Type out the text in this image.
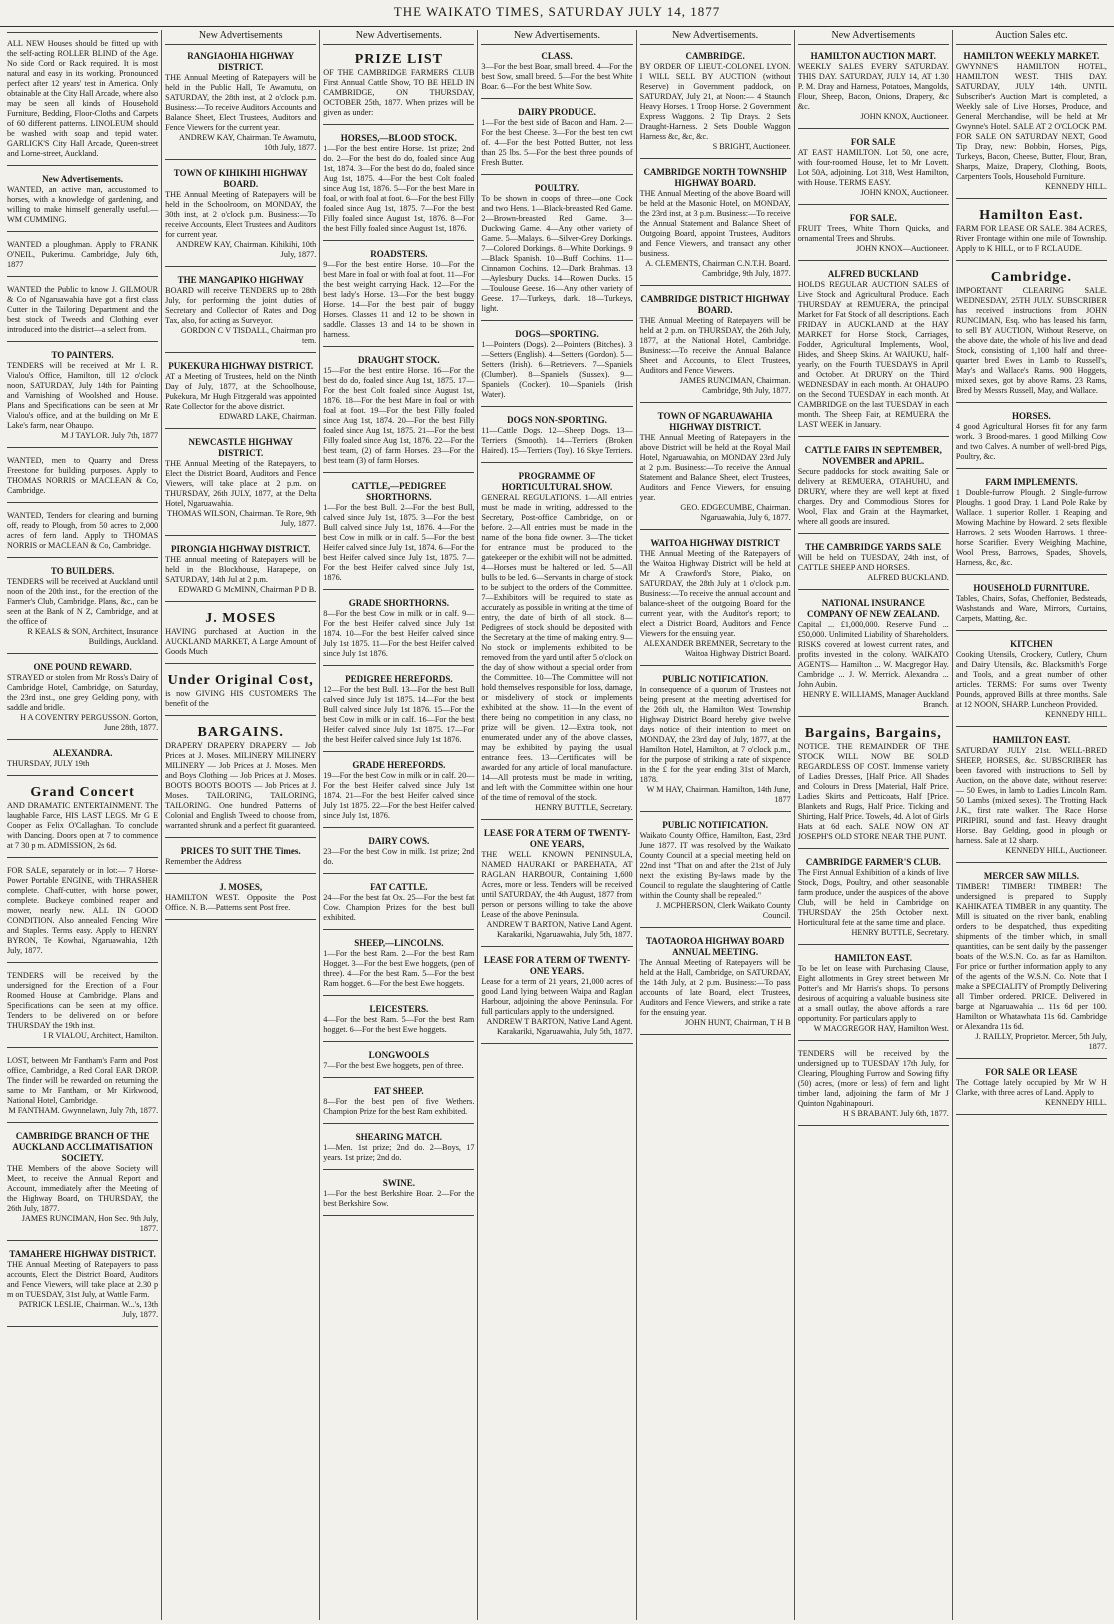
THE WAIKATO TIMES, SATURDAY JULY 14, 1877
ALL NEW Houses should be fitted up with the self-acting ROLLER BLIND of the Age. No side Cord or Rack required. It is most natural and easy in its working. Pronounced perfect after 12 years' test in America. Only obtainable at the City Hall Arcade, where also may be seen all kinds of Household Furniture, Bedding, Floor-Cloths and Carpets of 60 different patterns. LINOLEUM should be washed with soap and tepid water. GARLICK'S City Hall Arcade, Queen-street and Lorne-street, Auckland.
New Advertisements.
WANTED, an active man, accustomed to horses, with a knowledge of gardening, and willing to make himself generally useful.—WM CUMMING.
WANTED a ploughman. Apply to FRANK O'NEIL, Pukerimu. Cambridge, July 6th, 1877
WANTED the Public to know J. GILMOUR & Co of Ngaruawahia have got a first class Cutter in the Tailoring Department and the best stock of Tweeds and Clothing ever introduced into the district—a select from.
TO PAINTERS.
TENDERS will be received at Mr I. R. Vialou's Office, Hamilton, till 12 o'clock noon, SATURDAY, July 14th for Painting and Varnishing of Woolshed and House. Plans and Specifications can be seen at Mr Vialou's office, and at the building on Mr E Lake's farm, near Ohaupo.
M J TAYLOR. July 7th, 1877
WANTED, men to Quarry and Dress Freestone for building purposes. Apply to THOMAS NORRIS or MACLEAN & Co, Cambridge.
WANTED, Tenders for clearing and burning off, ready to Plough, from 50 acres to 2,000 acres of fern land. Apply to THOMAS NORRIS or MACLEAN & Co, Cambridge.
TO BUILDERS.
TENDERS will be received at Auckland until noon of the 20th inst., for the erection of the Farmer's Club, Cambridge. Plans, &c., can be seen at the Bank of N Z, Cambridge, and at the office of
R KEALS & SON, Architect, Insurance Buildings, Auckland.
ONE POUND REWARD.
STRAYED or stolen from Mr Ross's Dairy of Cambridge Hotel, Cambridge, on Saturday, the 23rd inst., one grey Gelding pony, with saddle and bridle.
H A COVENTRY PERGUSSON. Gorton, June 28th, 1877.
ALEXANDRA.
THURSDAY, JULY 19th
Grand Concert
AND DRAMATIC ENTERTAINMENT. The laughable Farce, HIS LAST LEGS. Mr G E Cooper as Felix O'Callaghan. To conclude with Dancing. Doors open at 7 to commence at 7 30 p m. ADMISSION, 2s 6d.
FOR SALE, separately or in lot:— 7 Horse-Power Portable ENGINE, with THRASHER complete. Chaff-cutter, with horse power, complete. Buckeye combined reaper and mower, nearly new. ALL IN GOOD CONDITION. Also annealed Fencing Wire and Staples. Terms easy. Apply to HENRY BYRON, Te Kowhai, Ngaruawahia, 12th July, 1877.
TENDERS will be received by the undersigned for the Erection of a Four Roomed House at Cambridge. Plans and Specifications can be seen at my office. Tenders to be delivered on or before THURSDAY the 19th inst.
I R VIALOU, Architect, Hamilton.
LOST, between Mr Fantham's Farm and Post office, Cambridge, a Red Coral EAR DROP. The finder will be rewarded on returning the same to Mr Fantham, or Mr Kirkwood, National Hotel, Cambridge.
M FANTHAM. Gwynnelawn, July 7th, 1877.
CAMBRIDGE BRANCH OF THE AUCKLAND ACCLIMATISATION SOCIETY.
THE Members of the above Society will Meet, to receive the Annual Report and Account, immediately after the Meeting of the Highway Board, on THURSDAY, the 26th July, 1877.
JAMES RUNCIMAN, Hon Sec. 9th July, 1877.
TAMAHERE HIGHWAY DISTRICT.
THE Annual Meeting of Ratepayers to pass accounts, Elect the District Board, Auditors and Fence Viewers, will take place at 2.30 p m on TUESDAY, 31st July, at Wattle Farm.
PATRICK LESLIE, Chairman. W...'s, 13th July, 1877.
New Advertisements
RANGIAOHIA HIGHWAY DISTRICT.
THE Annual Meeting of Ratepayers will be held in the Public Hall, Te Awamutu, on SATURDAY, the 28th inst, at 2 o'clock p.m. Business:—To receive Auditors Accounts and Balance Sheet, Elect Trustees, Auditors and Fence Viewers for the current year.
ANDREW KAY, Chairman. Te Awamutu, 10th July, 1877.
TOWN OF KIHIKIHI HIGHWAY BOARD.
THE Annual Meeting of Ratepayers will be held in the Schoolroom, on MONDAY, the 30th inst, at 2 o'clock p.m. Business:—To receive Accounts, Elect Trustees and Auditors for current year.
ANDREW KAY, Chairman. Kihikihi, 10th July, 1877.
THE MANGAPIKO HIGHWAY
BOARD will receive TENDERS up to 28th July, for performing the joint duties of Secretary and Collector of Rates and Dog Tax, also, for acting as Surveyor.
GORDON C V TISDALL, Chairman pro tem.
PUKEKURA HIGHWAY DISTRICT.
AT a Meeting of Trustees, held on the Ninth Day of July, 1877, at the Schoolhouse, Pukekura, Mr Hugh Fitzgerald was appointed Rate Collector for the above district.
EDWARD LAKE, Chairman.
NEWCASTLE HIGHWAY DISTRICT.
THE Annual Meeting of the Ratepayers, to Elect the District Board, Auditors and Fence Viewers, will take place at 2 p.m. on THURSDAY, 26th JULY, 1877, at the Delta Hotel, Ngaruawahia.
THOMAS WILSON, Chairman. Te Rore, 9th July, 1877.
PIRONGIA HIGHWAY DISTRICT.
THE annual meeting of Ratepayers will be held in the Blockhouse, Harapepe, on SATURDAY, 14th Jul at 2 p.m.
EDWARD G McMINN, Chairman P D B.
J. MOSES
HAVING purchased at Auction in the AUCKLAND MARKET, A Large Amount of Goods Much
Under Original Cost,
is now GIVING HIS CUSTOMERS The benefit of the
BARGAINS.
DRAPERY DRAPERY DRAPERY — Job Prices at J. Moses. MILINERY MILINERY MILINERY — Job Prices at J. Moses. Men and Boys Clothing — Job Prices at J. Moses. BOOTS BOOTS BOOTS — Job Prices at J. Moses. TAILORING, TAILORING, TAILORING. One hundred Patterns of Colonial and English Tweed to choose from, warranted shrunk and a perfect fit guaranteed.
PRICES TO SUIT THE Times.
Remember the Address
J. MOSES,
HAMILTON WEST. Opposite the Post Office. N. B.—Patterns sent Post free.
New Advertisements.
PRIZE LIST
OF THE CAMBRIDGE FARMERS CLUB First Annual Cattle Show, TO BE HELD IN CAMBRIDGE, ON THURSDAY, OCTOBER 25th, 1877. When prizes will be given as under:
HORSES,—BLOOD STOCK.
1—For the best entire Horse. 1st prize; 2nd do. 2—For the best do do, foaled since Aug 1st, 1874. 3—For the best do do, foaled since Aug 1st, 1875. 4—For the best Colt foaled since Aug 1st, 1876. 5—For the best Mare in foal, or with foal at foot. 6—For the best Filly foaled since Aug 1st, 1875. 7—For the best Filly foaled since August 1st, 1876. 8—For the best Filly foaled since August 1st, 1876.
ROADSTERS.
9—For the best entire Horse. 10—For the best Mare in foal or with foal at foot. 11—For the best weight carrying Hack. 12—For the best lady's Horse. 13—For the best buggy Horse. 14—For the best pair of buggy Horses. Classes 11 and 12 to be shown in saddle. Classes 13 and 14 to be shown in harness.
DRAUGHT STOCK.
15—For the best entire Horse. 16—For the best do do, foaled since Aug 1st, 1875. 17—For the best Colt foaled since August 1st, 1876. 18—For the best Mare in foal or with foal at foot. 19—For the best Filly foaled since Aug 1st, 1874. 20—For the best Filly foaled since Aug 1st, 1875. 21—For the best Filly foaled since Aug 1st, 1876. 22—For the best team, (2) of farm Horses. 23—For the best team (3) of farm Horses.
CATTLE,—PEDIGREE SHORTHORNS.
1—For the best Bull. 2—For the best Bull, calved since July 1st, 1875. 3—For the best Bull calved since July 1st, 1876. 4—For the best Cow in milk or in calf. 5—For the best Heifer calved since July 1st, 1874. 6—For the best Heifer calved since July 1st, 1875. 7—For the best Heifer calved since July 1st, 1876.
GRADE SHORTHORNS.
8—For the best Cow in milk or in calf. 9—For the best Heifer calved since July 1st 1874. 10—For the best Heifer calved since July 1st 1875. 11—For the best Heifer calved since July 1st 1876.
PEDIGREE HEREFORDS.
12—For the best Bull. 13—For the best Bull calved since July 1st 1875. 14—For the best Bull calved since July 1st 1876. 15—For the best Cow in milk or in calf. 16—For the best Heifer calved since July 1st 1875. 17—For the best Heifer calved since July 1st 1876.
GRADE HEREFORDS.
19—For the best Cow in milk or in calf. 20—For the best Heifer calved since July 1st 1874. 21—For the best Heifer calved since July 1st 1875. 22—For the best Heifer calved since July 1st, 1876.
DAIRY COWS.
23—For the best Cow in milk. 1st prize; 2nd do.
FAT CATTLE.
24—For the best fat Ox. 25—For the best fat Cow. Champion Prizes for the best bull exhibited.
SHEEP,—LINCOLNS.
1—For the best Ram. 2—For the best Ram Hogget. 3—For the best Ewe hoggets, (pen of three). 4—For the best Ram. 5—For the best Ram hogget. 6—For the best Ewe hoggets.
LEICESTERS.
4—For the best Ram. 5—For the best Ram hogget. 6—For the best Ewe hoggets.
LONGWOOLS
7—For the best Ewe hoggets, pen of three.
FAT SHEEP.
8—For the best pen of five Wethers. Champion Prize for the best Ram exhibited.
SHEARING MATCH.
1—Men. 1st prize; 2nd do. 2—Boys, 17 years. 1st prize; 2nd do.
SWINE.
1—For the best Berkshire Boar. 2—For the best Berkshire Sow.
New Advertisements.
CLASS.
3—For the best Boar, small breed. 4—For the best Sow, small breed. 5—For the best White Boar. 6—For the best White Sow.
DAIRY PRODUCE.
1—For the best side of Bacon and Ham. 2—For the best Cheese. 3—For the best ten cwt of. 4—For the best Potted Butter, not less than 25 lbs. 5—For the best three pounds of Fresh Butter.
POULTRY.
To be shown in coops of three—one Cock and two Hens. 1—Black-breasted Red Game. 2—Brown-breasted Red Game. 3—Duckwing Game. 4—Any other variety of Game. 5—Malays. 6—Silver-Grey Dorkings. 7—Colored Dorkings. 8—White Dorkings. 9—Black Spanish. 10—Buff Cochins. 11—Cinnamon Cochins. 12—Dark Brahmas. 13—Aylesbury Ducks. 14—Rowen Ducks. 15—Toulouse Geese. 16—Any other variety of Geese. 17—Turkeys, dark. 18—Turkeys, light.
DOGS—SPORTING.
1—Pointers (Dogs). 2—Pointers (Bitches). 3—Setters (English). 4—Setters (Gordon). 5—Setters (Irish). 6—Retrievers. 7—Spaniels (Clumber). 8—Spaniels (Sussex). 9—Spaniels (Cocker). 10—Spaniels (Irish Water).
DOGS NON-SPORTING.
11—Cattle Dogs. 12—Sheep Dogs. 13—Terriers (Smooth). 14—Terriers (Broken Haired). 15—Terriers (Toy). 16 Skye Terriers.
PROGRAMME OF HORTICULTURAL SHOW.
GENERAL REGULATIONS. 1—All entries must be made in writing, addressed to the Secretary, Post-office Cambridge, on or before. 2—All entries must be made in the name of the bona fide owner. 3—The ticket for entrance must be produced to the gatekeeper or the exhibit will not be admitted. 4—Horses must be haltered or led. 5—All bulls to be led. 6—Servants in charge of stock to be subject to the orders of the Committee. 7—Exhibitors will be required to state as accurately as possible in writing at the time of entry, the date of birth of all stock. 8—Pedigrees of stock should be deposited with the Secretary at the time of making entry. 9—No stock or implements exhibited to be removed from the yard until after 5 o'clock on the day of show without a special order from the Committee. 10—The Committee will not hold themselves responsible for loss, damage, or misdelivery of stock or implements exhibited at the show. 11—In the event of there being no competition in any class, no prize will be given. 12—Extra took, not enumerated under any of the above classes, may be exhibited by paying the usual entrance fees. 13—Certificates will be awarded for any article of local manufacture. 14—All protests must be made in writing, and left with the Committee within one hour of the time of removal of the stock.
HENRY BUTTLE, Secretary.
LEASE FOR A TERM OF TWENTY-ONE YEARS,
THE WELL KNOWN PENINSULA, NAMED HAURAKI or PAREHATA, AT RAGLAN HARBOUR, Containing 1,600 Acres, more or less. Tenders will be received until SATURDAY, the 4th August, 1877 from person or persons willing to take the above Lease of the above Peninsula.
ANDREW T BARTON, Native Land Agent. Karakariki, Ngaruawahia, July 5th, 1877.
LEASE FOR A TERM OF TWENTY-ONE YEARS.
Lease for a term of 21 years, 21,000 acres of good Land lying between Waipa and Raglan Harbour, adjoining the above Peninsula. For full particulars apply to the undersigned.
ANDREW T BARTON, Native Land Agent. Karakariki, Ngaruawahia, July 5th, 1877.
New Advertisements.
CAMBRIDGE.
BY ORDER OF LIEUT.-COLONEL LYON. I WILL SELL BY AUCTION (without Reserve) in Government paddock, on SATURDAY, July 21, at Noon:— 4 Staunch Heavy Horses. 1 Troop Horse. 2 Government Express Waggons. 2 Tip Drays. 2 Sets Draught-Harness. 2 Sets Double Waggon Harness &c, &c, &c.
S BRIGHT, Auctioneer.
CAMBRIDGE NORTH TOWNSHIP HIGHWAY BOARD.
THE Annual Meeting of the above Board will be held at the Masonic Hotel, on MONDAY, the 23rd inst, at 3 p.m. Business:—To receive the Annual Statement and Balance Sheet of Outgoing Board, appoint Trustees, Auditors and Fence Viewers, and transact any other business.
A. CLEMENTS, Chairman C.N.T.H. Board. Cambridge, 9th July, 1877.
CAMBRIDGE DISTRICT HIGHWAY BOARD.
THE Annual Meeting of Ratepayers will be held at 2 p.m. on THURSDAY, the 26th July, 1877, at the National Hotel, Cambridge. Business:—To receive the Annual Balance Sheet and Accounts, to Elect Trustees, Auditors and Fence Viewers.
JAMES RUNCIMAN, Chairman. Cambridge, 9th July, 1877.
TOWN OF NGARUAWAHIA HIGHWAY DISTRICT.
THE Annual Meeting of Ratepayers in the above District will be held at the Royal Mail Hotel, Ngaruawahia, on MONDAY 23rd July at 2 p.m. Business:—To receive the Annual Statement and Balance Sheet, elect Trustees, Auditors and Fence Viewers, for ensuing year.
GEO. EDGECUMBE, Chairman. Ngaruawahia, July 6, 1877.
WAITOA HIGHWAY DISTRICT
THE Annual Meeting of the Ratepayers of the Waitoa Highway District will be held at Mr A Crawford's Store, Piako, on SATURDAY, the 28th July at 1 o'clock p.m. Business:—To receive the annual account and balance-sheet of the outgoing Board for the current year, with the Auditor's report; to elect a District Board, Auditors and Fence Viewers for the ensuing year.
ALEXANDER BREMNER, Secretary to the Waitoa Highway District Board.
PUBLIC NOTIFICATION.
In consequence of a quorum of Trustees not being present at the meeting advertised for the 26th ult, the Hamilton West Township Highway District Board hereby give twelve days notice of their intention to meet on MONDAY, the 23rd day of July, 1877, at the Hamilton Hotel, Hamilton, at 7 o'clock p.m., for the purpose of striking a rate of sixpence in the £ for the year ending 31st of March, 1878.
W M HAY, Chairman. Hamilton, 14th June, 1877
PUBLIC NOTIFICATION.
Waikato County Office, Hamilton, East, 23rd June 1877. IT was resolved by the Waikato County Council at a special meeting held on 22nd inst "That on and after the 21st of July next the existing By-laws made by the Council to regulate the slaughtering of Cattle within the County shall be repealed."
J. MCPHERSON, Clerk Waikato County Council.
TAOTAOROA HIGHWAY BOARD ANNUAL MEETING.
The Annual Meeting of Ratepayers will be held at the Hall, Cambridge, on SATURDAY, the 14th July, at 2 p.m. Business:—To pass accounts of late Board, elect Trustees, Auditors and Fence Viewers, and strike a rate for the ensuing year.
JOHN HUNT, Chairman, T H B
New Advertisements
HAMILTON AUCTION MART.
WEEKLY SALES EVERY SATURDAY. THIS DAY. SATURDAY, JULY 14, AT 1.30 P. M. Dray and Harness, Potatoes, Mangolds, Flour, Sheep, Bacon, Onions, Drapery, &c &c.
JOHN KNOX, Auctioneer.
FOR SALE
AT EAST HAMILTON. Lot 50, one acre, with four-roomed House, let to Mr Lovett. Lot 50A, adjoining. Lot 318, West Hamilton, with House. TERMS EASY.
JOHN KNOX, Auctioneer.
FOR SALE.
FRUIT Trees, White Thorn Quicks, and ornamental Trees and Shrubs.
JOHN KNOX—Auctioneer.
ALFRED BUCKLAND
HOLDS REGULAR AUCTION SALES of Live Stock and Agricultural Produce. Each THURSDAY at REMUERA, the principal Market for Fat Stock of all descriptions. Each FRIDAY in AUCKLAND at the HAY MARKET for Horse Stock, Carriages, Fodder, Agricultural Implements, Wool, Hides, and Sheep Skins. At WAIUKU, half-yearly, on the Fourth TUESDAYS in April and October. At DRURY on the Third WEDNESDAY in each month. At OHAUPO on the Second TUESDAY in each month. At CAMBRIDGE on the last TUESDAY in each month. The Sheep Fair, at REMUERA the LAST WEEK in January.
CATTLE FAIRS IN SEPTEMBER, NOVEMBER and APRIL.
Secure paddocks for stock awaiting Sale or delivery at REMUERA, OTAHUHU, and DRURY, where they are well kept at fixed charges. Dry and Commodious Stores for Wool, Flax and Grain at the Haymarket, where all goods are insured.
THE CAMBRIDGE YARDS SALE
Will be held on TUESDAY, 24th inst, of CATTLE SHEEP AND HORSES.
ALFRED BUCKLAND.
NATIONAL INSURANCE COMPANY OF NEW ZEALAND.
Capital ... £1,000,000. Reserve Fund ... £50,000. Unlimited Liability of Shareholders. RISKS covered at lowest current rates, and profits invested in the colony. WAIKATO AGENTS— Hamilton ... W. Macgregor Hay. Cambridge ... J. W. Merrick. Alexandra ... John Aubin.
HENRY E. WILLIAMS, Manager Auckland Branch.
Bargains, Bargains,
NOTICE. THE REMAINDER OF THE STOCK WILL NOW BE SOLD REGARDLESS OF COST. Immense variety of Ladies Dresses, [Half Price. All Shades and Colours in Dress [Material, Half Price. Ladies Skirts and Petticoats, Half [Price. Blankets and Rugs, Half Price. Ticking and Shirting, Half Price. Towels, 4d. A lot of Girls Hats at 6d each. SALE NOW ON AT JOSEPH'S OLD STORE NEAR THE PUNT.
CAMBRIDGE FARMER'S CLUB.
The First Annual Exhibition of a kinds of live Stock, Dogs, Poultry, and other seasonable farm produce, under the auspices of the above Club, will be held in Cambridge on THURSDAY the 25th October next. Horticultural fete at the same time and place.
HENRY BUTTLE, Secretary.
HAMILTON EAST.
To be let on lease with Purchasing Clause, Eight allotments in Grey street between Mr Potter's and Mr Harris's shops. To persons desirous of acquiring a valuable business site at a small outlay, the above affords a rare opportunity. For particulars apply to
W MACGREGOR HAY, Hamilton West.
TENDERS will be received by the undersigned up to TUESDAY 17th July, for Clearing, Ploughing Furrow and Sowing fifty (50) acres, (more or less) of fern and light timber land, adjoining the farm of Mr J Quinton Ngahinapouri.
H S BRABANT. July 6th, 1877.
Auction Sales etc.
HAMILTON WEEKLY MARKET.
GWYNNE'S HAMILTON HOTEL, HAMILTON WEST. THIS DAY. SATURDAY, JULY 14th. UNTIL Subscriber's Auction Mart is completed, a Weekly sale of Live Horses, Produce, and General Merchandise, will be held at Mr Gwynne's Hotel. SALE AT 2 O'CLOCK P.M. FOR SALE ON SATURDAY NEXT, Good Tip Dray, new: Bobbin, Horses, Pigs, Turkeys, Bacon, Cheese, Butter, Flour, Bran, Sharps, Maize, Drapery, Clothing, Boots, Carpenters Tools, Household Furniture.
KENNEDY HILL.
Hamilton East.
FARM FOR LEASE OR SALE. 384 ACRES, River Frontage within one mile of Township. Apply to K HILL, or to F RCLAUDE.
Cambridge.
IMPORTANT CLEARING SALE. WEDNESDAY, 25TH JULY. SUBSCRIBER has received instructions from JOHN RUNCIMAN, Esq. who has leased his farm, to sell BY AUCTION, Without Reserve, on the above date, the whole of his live and dead Stock, consisting of 1,100 half and three-quarter bred Ewes in Lamb to Russell's, May's and Wallace's Rams. 900 Hoggets, mixed sexes, got by above Rams. 23 Rams, Bred by Messrs Russell, May, and Wallace.
HORSES.
4 good Agricultural Horses fit for any farm work. 3 Brood-mares. 1 good Milking Cow and two Calves. A number of well-bred Pigs, Poultry, &c.
FARM IMPLEMENTS.
1 Double-furrow Plough. 2 Single-furrow Ploughs. 1 good Dray. 1 Land Pole Rake by Wallace. 1 superior Roller. 1 Reaping and Mowing Machine by Howard. 2 sets flexible Harrows. 2 sets Wooden Harrows. 1 three-horse Scarifier. Every Weighing Machine, Wool Press, Barrows, Spades, Shovels, Harness, &c, &c.
HOUSEHOLD FURNITURE.
Tables, Chairs, Sofas, Cheffonier, Bedsteads, Washstands and Ware, Mirrors, Curtains, Carpets, Matting, &c.
KITCHEN
Cooking Utensils, Crockery, Cutlery, Churn and Dairy Utensils, &c. Blacksmith's Forge and Tools, and a great number of other articles. TERMS: For sums over Twenty Pounds, approved Bills at three months. Sale at 12 NOON, SHARP. Luncheon Provided.
KENNEDY HILL.
HAMILTON EAST.
SATURDAY JULY 21st. WELL-BRED SHEEP, HORSES, &c. SUBSCRIBER has been favored with instructions to Sell by Auction, on the above date, without reserve:— 50 Ewes, in lamb to Ladies Lincoln Ram. 50 Lambs (mixed sexes). The Trotting Hack J.K., first rate walker. The Race Horse PIRIPIRI, sound and fast. Heavy draught Horse. Bay Gelding, good in plough or harness. Sale at 12 sharp.
KENNEDY HILL, Auctioneer.
MERCER SAW MILLS.
TIMBER! TIMBER! TIMBER! The undersigned is prepared to Supply KAHIKATEA TIMBER in any quantity. The Mill is situated on the river bank, enabling orders to be despatched, thus expediting shipments of the timber which, in small quantities, can be sent daily by the passenger boats of the W.S.N. Co. as far as Hamilton. For price or further information apply to any of the agents of the W.S.N. Co. Note that I make a SPECIALITY of Promptly Delivering all Timber ordered. PRICE. Delivered in barge at Ngaruawahia ... 11s 6d per 100. Hamilton or Whatawhata 11s 6d. Cambridge or Alexandra 11s 6d.
J. RAILLY, Proprietor. Mercer, 5th July, 1877.
FOR SALE OR LEASE
The Cottage lately occupied by Mr W H Clarke, with three acres of Land. Apply to
KENNEDY HILL.
